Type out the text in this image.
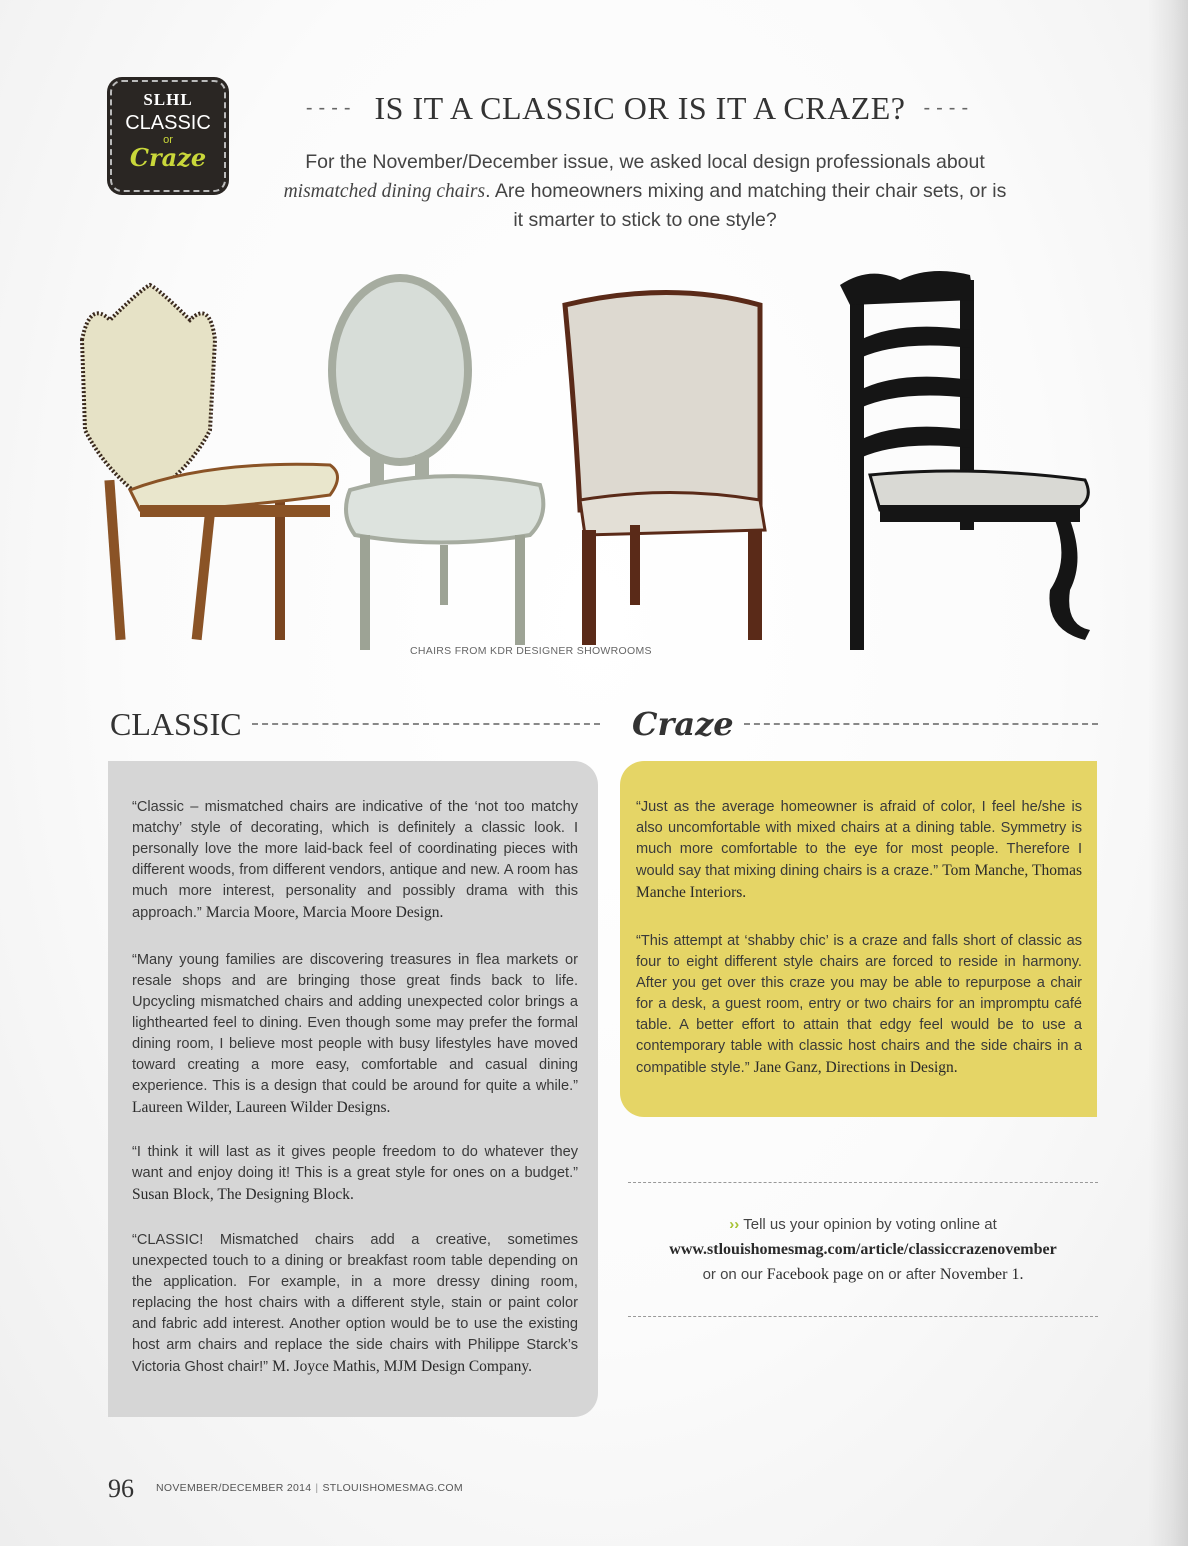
SLHL
CLASSIC
or
Craze
---- IS IT A CLASSIC OR IS IT A CRAZE? ----

For the November/December issue, we asked local design professionals about mismatched dining chairs. Are homeowners mixing and matching their chair sets, or is it smarter to stick to one style?

CHAIRS FROM KDR DESIGNER SHOWROOMS
CLASSIC	Craze

“Classic – mismatched chairs are indicative of the ‘not too matchy matchy’ style of decorating, which is definitely a classic look. I personally love the more laid-back feel of coordinating pieces with different woods, from different vendors, antique and new. A room has much more interest, personality and possibly drama with this approach.” Marcia Moore, Marcia Moore Design.

“Many young families are discovering treasures in flea markets or resale shops and are bringing those great finds back to life. Upcycling mismatched chairs and adding unexpected color brings a lighthearted feel to dining. Even though some may prefer the formal dining room, I believe most people with busy lifestyles have moved toward creating a more easy, comfortable and casual dining experience. This is a design that could be around for quite a while.” Laureen Wilder, Laureen Wilder Designs.

“I think it will last as it gives people freedom to do whatever they want and enjoy doing it! This is a great style for ones on a budget.” Susan Block, The Designing Block.

“CLASSIC! Mismatched chairs add a creative, sometimes unexpected touch to a dining or breakfast room table depending on the application. For example, in a more dressy dining room, replacing the host chairs with a different style, stain or paint color and fabric add interest. Another option would be to use the existing host arm chairs and replace the side chairs with Philippe Starck’s Victoria Ghost chair!” M. Joyce Mathis, MJM Design Company.

“Just as the average homeowner is afraid of color, I feel he/she is also uncomfortable with mixed chairs at a dining table. Symmetry is much more comfortable to the eye for most people. Therefore I would say that mixing dining chairs is a craze.” Tom Manche, Thomas Manche Interiors.

“This attempt at ‘shabby chic’ is a craze and falls short of classic as four to eight different style chairs are forced to reside in harmony. After you get over this craze you may be able to repurpose a chair for a desk, a guest room, entry or two chairs for an impromptu café table. A better effort to attain that edgy feel would be to use a contemporary table with classic host chairs and the side chairs in a compatible style.” Jane Ganz, Directions in Design.

›› Tell us your opinion by voting online at
www.stlouishomesmag.com/article/classiccrazenovember
or on our Facebook page on or after November 1.
96 NOVEMBER/DECEMBER 2014 | STLOUISHOMESMAG.COM
